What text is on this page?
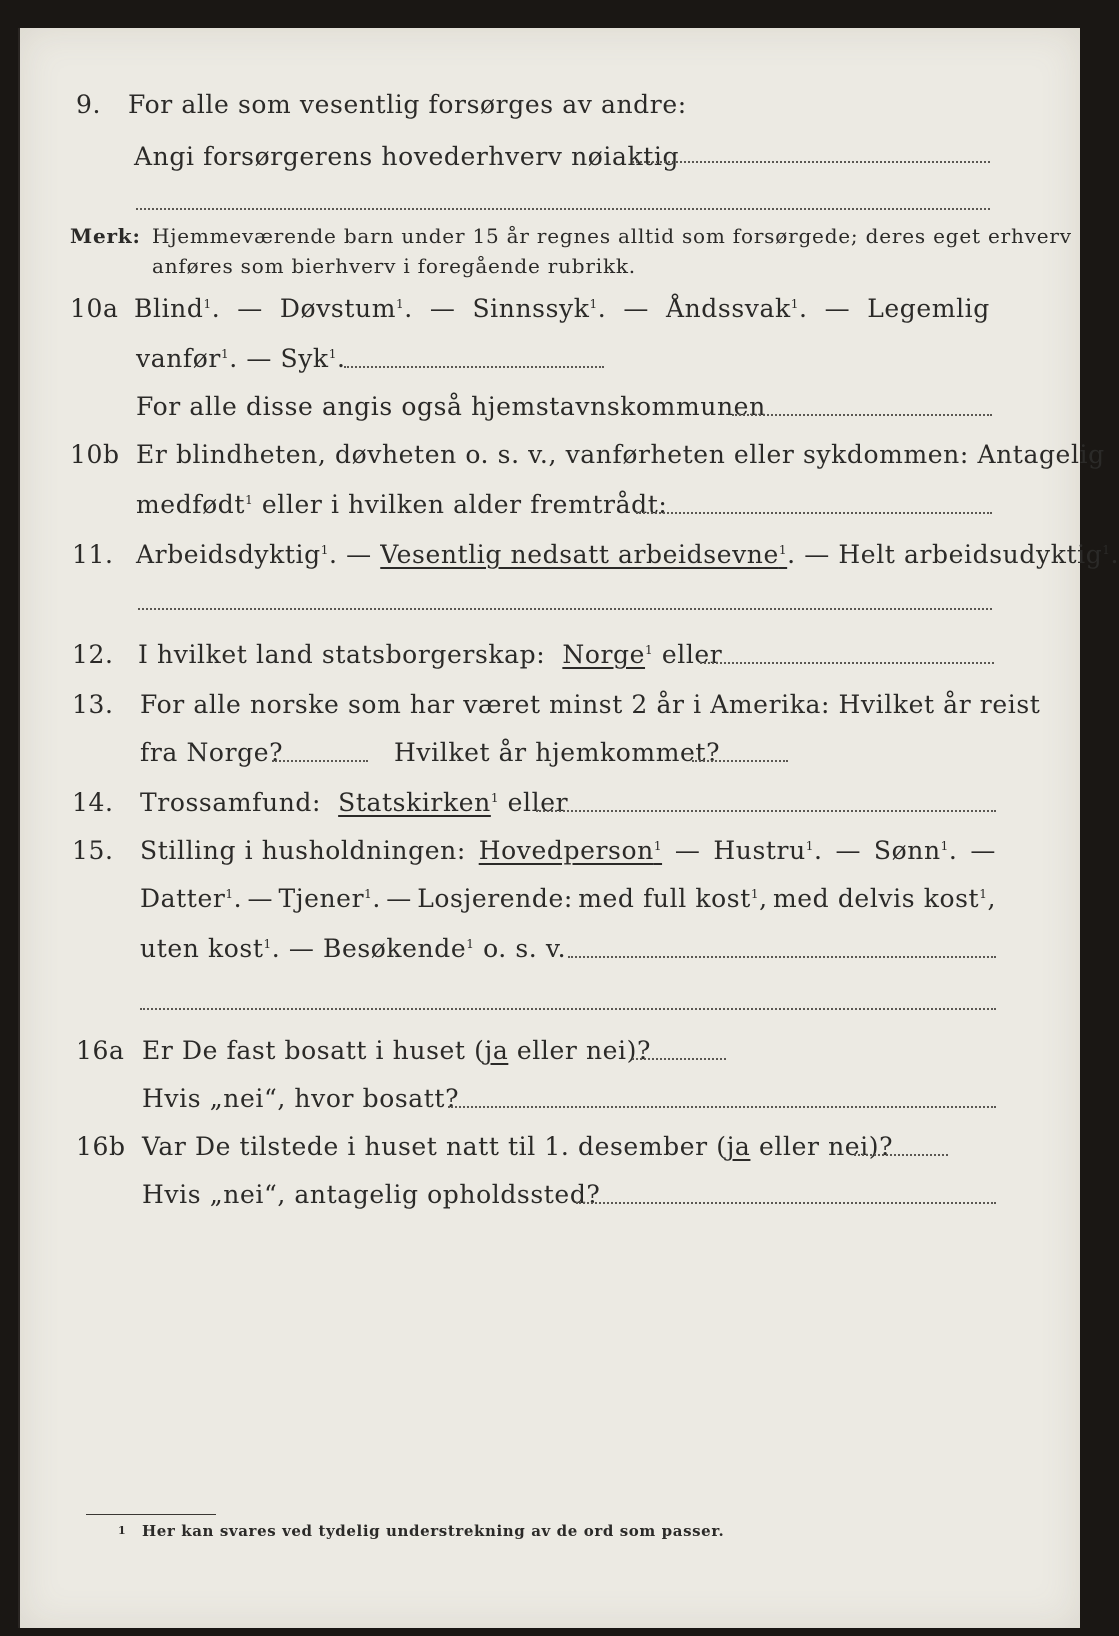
9. For alle som vesentlig forsørges av andre:
Angi forsørgerens hovederhverv nøiaktig
Merk: Hjemmeværende barn under 15 år regnes alltid som forsørgede; deres eget erhverv
anføres som bierhverv i foregående rubrikk.
10a Blind$^1$. — Døvstum$^1$. — Sinnssyk$^1$. — Åndssvak$^1$. — Legemlig
vanfør$^1$. — Syk$^1$.
For alle disse angis også hjemstavnskommunen
10b Er blindheten, døvheten o. s. v., vanførheten eller sykdommen: Antagelig
medfødt$^1$ eller i hvilken alder fremtrådt:
11. Arbeidsdyktig$^1$. — Vesentlig nedsatt arbeidsevne$^1$. — Helt arbeidsudyktig$^1$.
12. I hvilket land statsborgerskap: Norge$^1$ eller
13. For alle norske som har været minst 2 år i Amerika: Hvilket år reist
fra Norge?	Hvilket år hjemkommet?
14. Trossamfund: Statskirken$^1$ eller
15. Stilling i husholdningen: Hovedperson$^1$ — Hustru$^1$. — Sønn$^1$. —
Datter$^1$. — Tjener$^1$. — Losjerende: med full kost$^1$, med delvis kost$^1$,
uten kost$^1$. — Besøkende$^1$ o. s. v.
16a Er De fast bosatt i huset (ja eller nei)?
Hvis „nei“, hvor bosatt?
16b Var De tilstede i huset natt til 1. desember (ja eller nei)?
Hvis „nei“, antagelig opholdssted?
1 Her kan svares ved tydelig understrekning av de ord som passer.
